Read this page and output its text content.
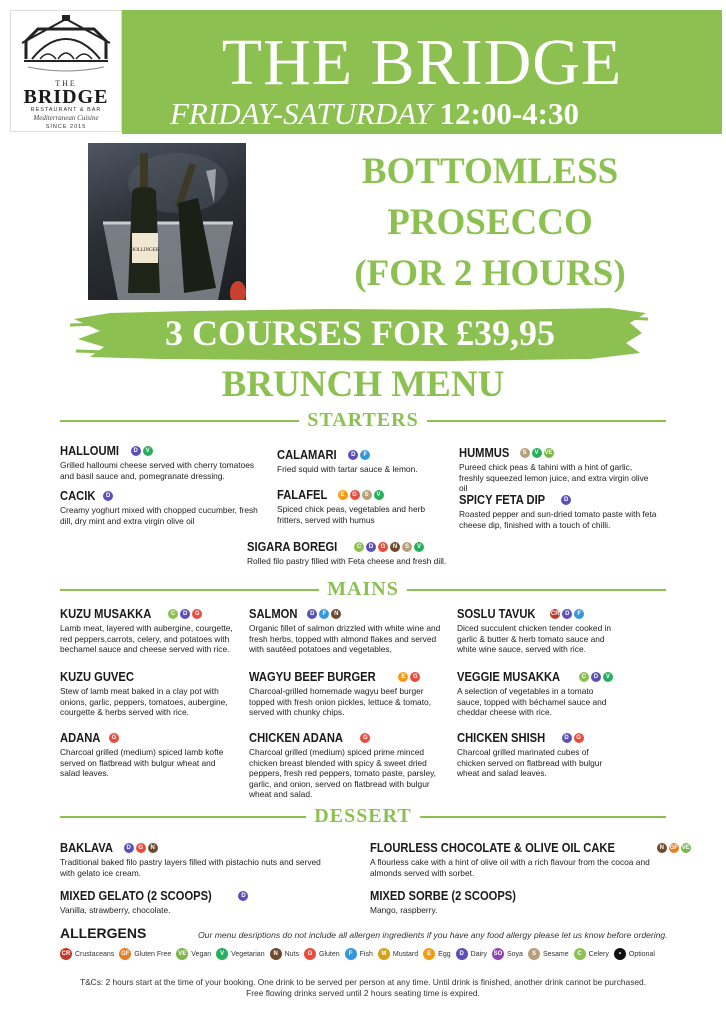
THE
BRIDGE
RESTAURANT & BAR
Mediterranean Cuisine
SINCE 2015
THE BRIDGE
FRIDAY-SATURDAY 12:00-4:30
BOLLINGER
BOTTOMLESS
PROSECCO
(FOR 2 HOURS)
3 COURSES FOR £39,95
BRUNCH MENU
STARTERS
MAINS
DESSERT
HALLOUMI	D	V
Grilled halloumi cheese served with cherry tomatoes and basil sauce and, pomegranate dressing.
CACIK	D
Creamy yoghurt mixed with chopped cucumber, fresh dill, dry mint and extra virgin olive oil
CALAMARI	D	F
Fried squid with tartar sauce & lemon.
FALAFEL	E	G	S	V
Spiced chick peas, vegetables and herb fritters, served with humus
HUMMUS	S	V VE
Pureed chick peas & tahini with a hint of garlic, freshly squeezed lemon juice, and extra virgin olive oil
SPICY FETA DIP	D
Roasted pepper and sun-dried tomato paste with feta cheese dip, finished with a touch of chilli.
SIGARA BOREGI	C	D	G	N	S	V
Rolled filo pastry filled with Feta cheese and fresh dill.
KUZU MUSAKKA	C	D	G
Lamb meat, layered with aubergine, courgette, red peppers,carrots, celery, and potatoes with bechamel sauce and cheese served with rice.
KUZU GUVEC
Stew of lamb meat baked in a clay pot with onions, garlic, peppers, tomatoes, aubergine, courgette & herbs served with rice.
ADANA	G
Charcoal grilled (medium) spiced lamb kofte served on flatbread with bulgur wheat and salad leaves.
SALMON	D	F	N
Organic fillet of salmon drizzled with white wine and fresh herbs, topped with almond flakes and served with sautéed potatoes and vegetables,
WAGYU BEEF BURGER	E	G
Charcoal-grilled homemade wagyu beef burger topped with fresh onion pickles, lettuce & tomato, served with chunky chips.
CHICKEN ADANA	G
Charcoal grilled (medium) spiced prime minced chicken breast blended with spicy & sweet dried peppers, fresh red peppers, tomato paste, parsley, garlic, and onion, served on flatbread with bulgur wheat and salad.
SOSLU TAVUK	CR D	F
Diced succulent chicken tender cooked in garlic & butter & herb tomato sauce and white wine sauce, served with rice.
VEGGIE MUSAKKA	C	D	V
A selection of vegetables in a tomato sauce, topped with béchamel sauce and cheddar cheese with rice.
CHICKEN SHISH	D	G
Charcoal grilled marinated cubes of chicken served on flatbread with bulgur wheat and salad leaves.
BAKLAVA	D	G	N
Traditional baked filo pastry layers filled with pistachio nuts and served with gelato ice cream.
MIXED GELATO (2 SCOOPS)	D
Vanilla, strawberry, chocolate.
FLOURLESS CHOCOLATE & OLIVE OIL CAKE	N GF VE
A flourless cake with a hint of olive oil with a rich flavour from the cocoa and almonds served with sorbet.
MIXED SORBE (2 SCOOPS)
Mango, raspberry.
ALLERGENS	Our menu desriptions do not include all allergen ingredients if you have any food allergy please let us know before ordering.
CR Crustaceans	GF Gluten Free	VE Vegan	V	Vegetarian	N Nuts	G Gluten	F	Fish	M Mustard	E	Egg	D Dairy SO Soya	S	Sesame	C Celery	•	Optional
T&Cs: 2 hours start at the time of your booking. One drink to be served per person at any time. Until drink is finished, another drink cannot be purchased.
Free flowing drinks served until 2 hours seating time is expired.
